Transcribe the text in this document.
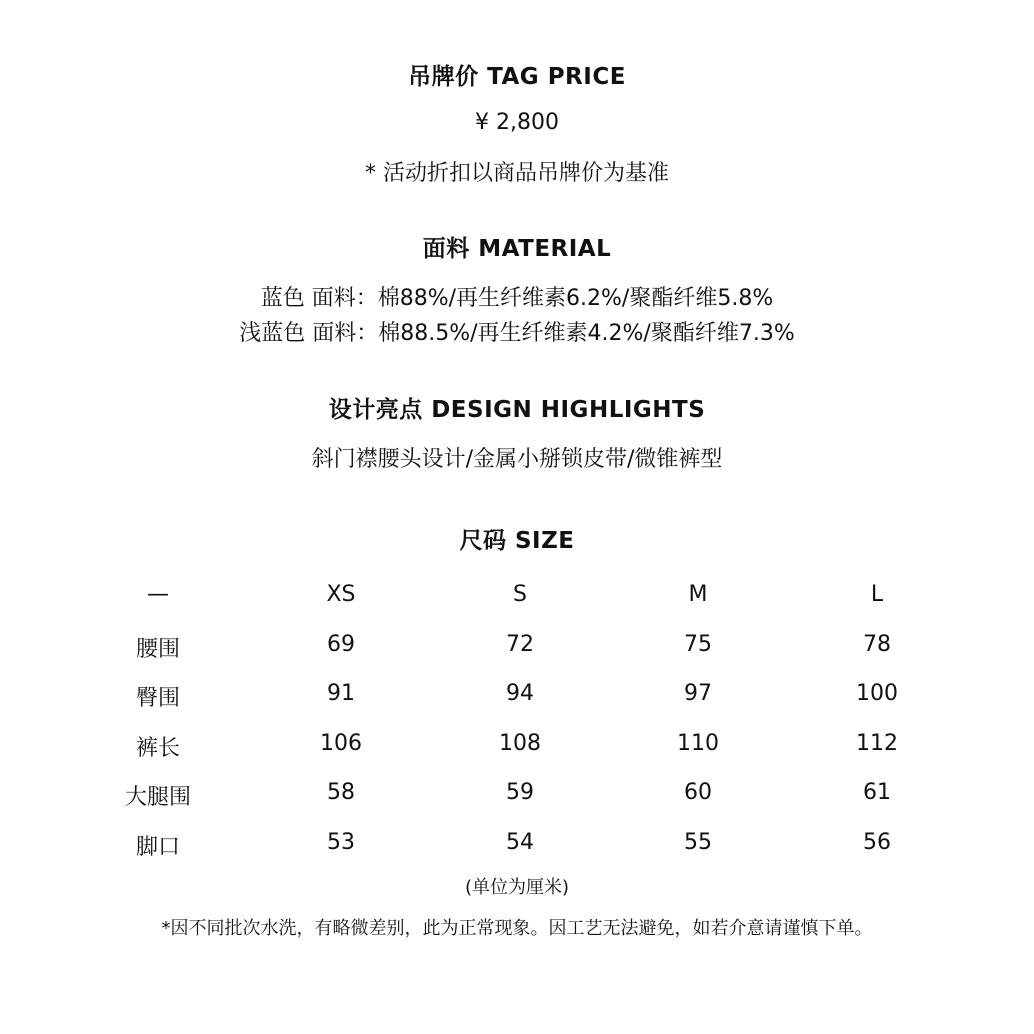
吊牌价 TAG PRICE
¥ 2,800
* 活动折扣以商品吊牌价为基准
面料 MATERIAL
蓝色 面料：棉88%/再生纤维素6.2%/聚酯纤维5.8%
浅蓝色 面料：棉88.5%/再生纤维素4.2%/聚酯纤维7.3%
设计亮点 DESIGN HIGHLIGHTS
斜门襟腰头设计/金属小掰锁皮带/微锥裤型
尺码 SIZE
—	XS	S	M	L
腰围	69	72	75	78
臀围	91	94	97	100
裤长	106	108	110	112
大腿围	58	59	60	61
脚口	53	54	55	56
(单位为厘米)
*因不同批次水洗，有略微差别，此为正常现象。因工艺无法避免，如若介意请谨慎下单。
